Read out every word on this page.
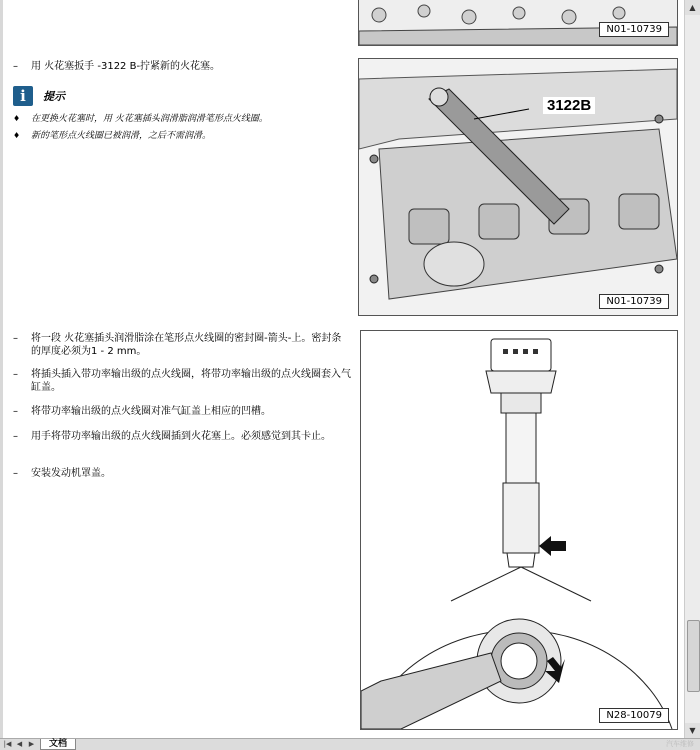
N01-10739
–	用 火花塞扳手 -3122 B-拧紧新的火花塞。
i	提示
♦	在更换火花塞时，用 火花塞插头润滑脂润滑笔形点火线圈。
♦	新的笔形点火线圈已被润滑，之后不需润滑。
3122B
N01-10739
–	将一段 火花塞插头润滑脂涂在笔形点火线圈的密封圈-箭头-上。密封条的厚度必须为1 - 2 mm。
–	将插头插入带功率输出级的点火线圈，将带功率输出级的点火线圈套入气缸盖。
–	将带功率输出级的点火线圈对准气缸盖上相应的凹槽。
–	用手将带功率输出级的点火线圈插到火花塞上。必须感觉到其卡止。
–	安装发动机罩盖。
N28-10079
▲
▼
|◀ ◀ ▶	文档	汽车维修
